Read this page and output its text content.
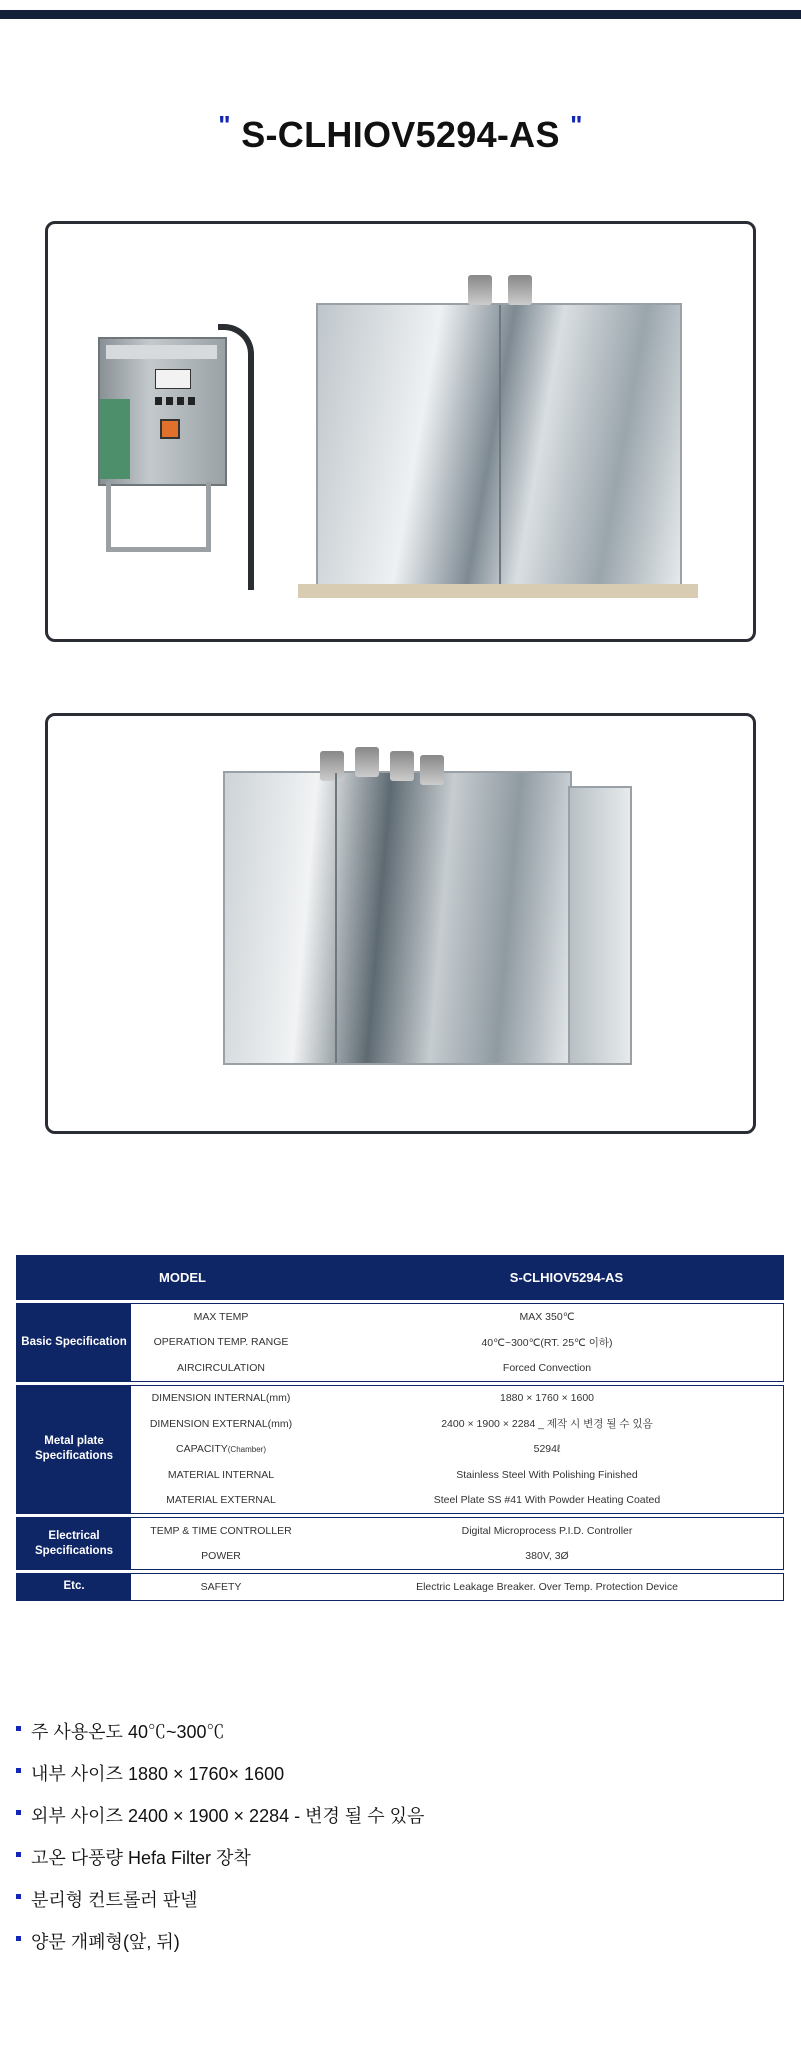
" S-CLHIOV5294-AS "
MODEL	S-CLHIOV5294-AS
Basic Specification
MAX TEMP	MAX 350℃
OPERATION TEMP. RANGE	40℃~300℃(RT. 25℃ 이하)
AIRCIRCULATION	Forced Convection
Metal plate Specifications
DIMENSION INTERNAL(mm)	1880 × 1760 × 1600
DIMENSION EXTERNAL(mm)	2400 × 1900 × 2284 _ 제작 시 변경 될 수 있음
CAPACITY(Chamber)	5294ℓ
MATERIAL INTERNAL	Stainless Steel With Polishing Finished
MATERIAL EXTERNAL	Steel Plate SS #41 With Powder Heating Coated
Electrical Specifications
TEMP & TIME CONTROLLER	Digital Microprocess P.I.D. Controller
POWER	380V, 3Ø
Etc.	SAFETY	Electric Leakage Breaker. Over Temp. Protection Device
주 사용온도 40℃~300℃
내부 사이즈 1880 × 1760× 1600
외부 사이즈 2400 × 1900 × 2284 - 변경 될 수 있음
고온 다풍량 Hefa Filter 장착
분리형 컨트롤러 판넬
양문 개폐형(앞, 뒤)
